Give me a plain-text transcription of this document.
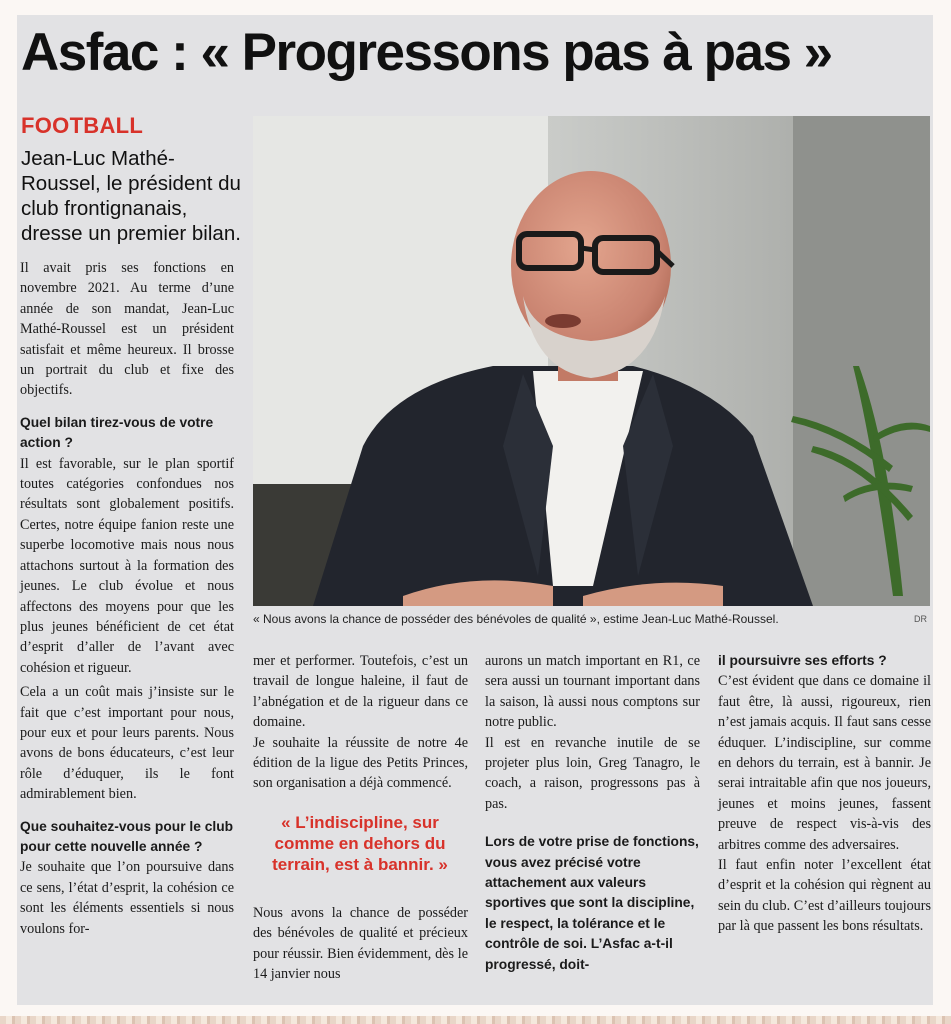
Asfac : « Progressons pas à pas »
FOOTBALL
Jean-Luc Mathé-Roussel, le président du club frontignanais, dresse un premier bilan.
« Nous avons la chance de posséder des bénévoles de qualité », estime Jean-Luc Mathé-Roussel.	DR

Il avait pris ses fonctions en novembre 2021. Au terme d’une année de son mandat, Jean-Luc Mathé-Roussel est un président satisfait et même heureux. Il brosse un portrait du club et fixe des objectifs.

Quel bilan tirez-vous de votre action ?

Il est favorable, sur le plan sportif toutes catégories confondues nos résultats sont globalement positifs. Certes, notre équipe fanion reste une superbe locomotive mais nous nous attachons surtout à la formation des jeunes. Le club évolue et nous affectons des moyens pour que les plus jeunes bénéficient de cet état d’esprit d’aller de l’avant avec cohésion et rigueur.

Cela a un coût mais j’insiste sur le fait que c’est important pour nous, pour eux et pour leurs parents. Nous avons de bons éducateurs, c’est leur rôle d’éduquer, ils le font admirablement bien.

Que souhaitez-vous pour le club pour cette nouvelle année ?

Je souhaite que l’on poursuive dans ce sens, l’état d’esprit, la cohésion ce sont les éléments essentiels si nous voulons for-

mer et performer. Toutefois, c’est un travail de longue haleine, il faut de l’abnégation et de la rigueur dans ce domaine.

Je souhaite la réussite de notre 4e édition de la ligue des Petits Princes, son organisation a déjà commencé.

« L’indiscipline, sur comme en dehors du terrain, est à bannir. »

Nous avons la chance de posséder des bénévoles de qualité et précieux pour réussir. Bien évidemment, dès le 14 janvier nous

aurons un match important en R1, ce sera aussi un tournant important dans la saison, là aussi nous comptons sur notre public.

Il est en revanche inutile de se projeter plus loin, Greg Tanagro, le coach, a raison, progressons pas à pas.

Lors de votre prise de fonctions, vous avez précisé votre attachement aux valeurs sportives que sont la discipline, le respect, la tolérance et le contrôle de soi. L’Asfac a-t-il progressé, doit-

il poursuivre ses efforts ?

C’est évident que dans ce domaine il faut être, là aussi, rigoureux, rien n’est jamais acquis. Il faut sans cesse éduquer. L’indiscipline, sur comme en dehors du terrain, est à bannir. Je serai intraitable afin que nos joueurs, jeunes et moins jeunes, fassent preuve de respect vis-à-vis des arbitres comme des adversaires.

Il faut enfin noter l’excellent état d’esprit et la cohésion qui règnent au sein du club. C’est d’ailleurs toujours par là que passent les bons résultats.
